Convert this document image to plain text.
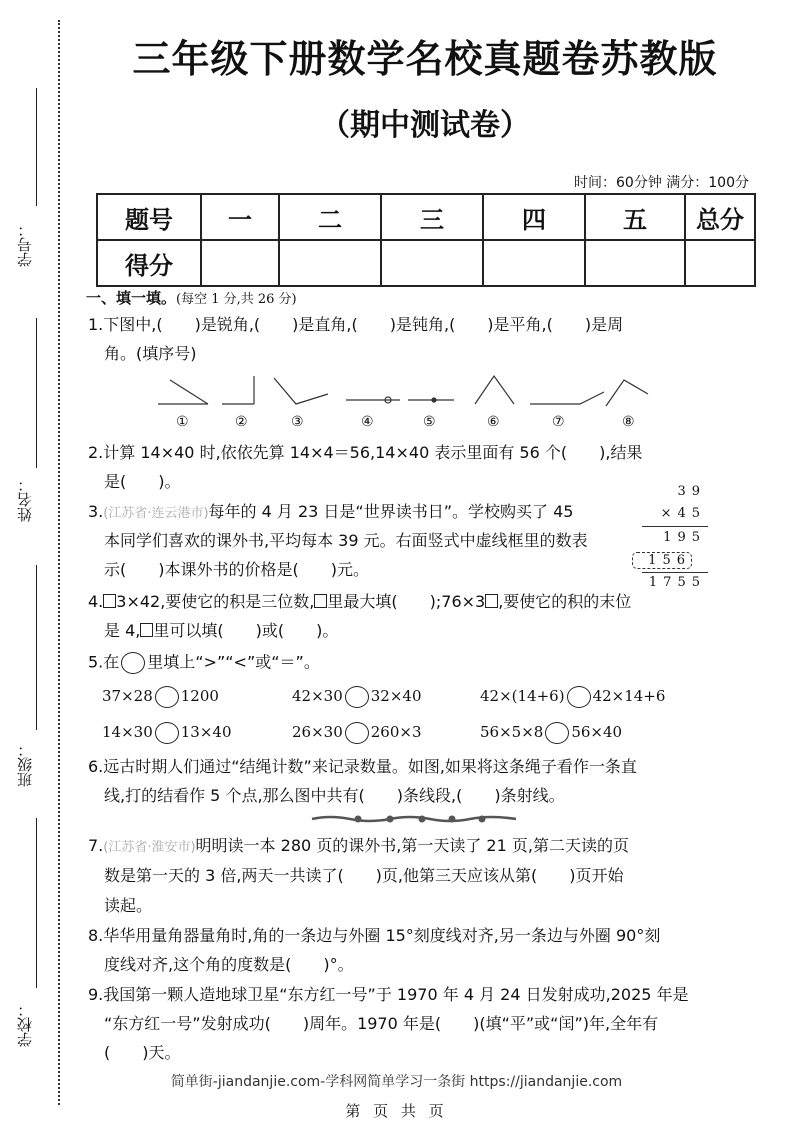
学号：
姓名：
班级：
学校：
三年级下册数学名校真题卷苏教版
（期中测试卷）
时间：60分钟 满分：100分
题号	一	二	三	四	五	总分
得分						
一、填一填。(每空 1 分,共 26 分)
1.下图中,(　　)是锐角,(　　)是直角,(　　)是钝角,(　　)是平角,(　　)是周
角。(填序号)
①	②	③	④	⑤	⑥	⑦	⑧
2.计算 14×40 时,依依先算 14×4＝56,14×40 表示里面有 56 个(　　),结果
是(　　)。
3.(江苏省·连云港市)每年的 4 月 23 日是“世界读书日”。学校购买了 45
本同学们喜欢的课外书,平均每本 39 元。右面竖式中虚线框里的数表
示(　　)本课外书的价格是(　　)元。
39
×45
195
156
1755
4. 3×42,要使它的积是三位数, 里最大填(　　);76×3 ,要使它的积的末位
是 4, 里可以填(　　)或(　　)。
5.在 里填上“>”“<”或“＝”。
37×28 1200	42×30 32×40	42×(14+6) 42×14+6
14×30 13×40	26×30 260×3	56×5×8 56×40
6.远古时期人们通过“结绳计数”来记录数量。如图,如果将这条绳子看作一条直
线,打的结看作 5 个点,那么图中共有(　　)条线段,(　　)条射线。
7.(江苏省·淮安市)明明读一本 280 页的课外书,第一天读了 21 页,第二天读的页
数是第一天的 3 倍,两天一共读了(　　)页,他第三天应该从第(　　)页开始
读起。
8.华华用量角器量角时,角的一条边与外圈 15°刻度线对齐,另一条边与外圈 90°刻
度线对齐,这个角的度数是(　　)°。
9.我国第一颗人造地球卫星“东方红一号”于 1970 年 4 月 24 日发射成功,2025 年是
“东方红一号”发射成功(　　)周年。1970 年是(　　)(填“平”或“闰”)年,全年有
(　　)天。
简单街-jiandanjie.com-学科网简单学习一条街 https://jiandanjie.com
第 页 共 页
